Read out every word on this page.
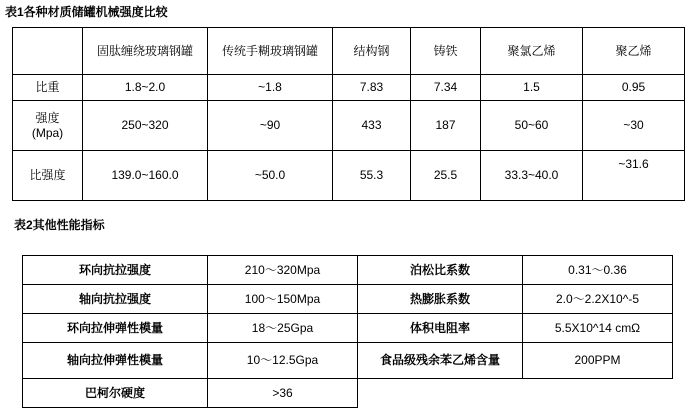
表1各种材质储罐机械强度比较
	固肽缠绕玻璃钢罐	传统手糊玻璃钢罐	结构钢	铸铁	聚氯乙烯	聚乙烯
比重	1.8~2.0	~1.8	7.83	7.34	1.5	0.95

强度
(Mpa)	250~320	~90	433	187	50~60	~30
比强度	139.0~160.0	~50.0	55.3	25.5	33.3~40.0	~31.6
表2其他性能指标
环向抗拉强度	210～320Mpa	泊松比系数	0.31～0.36
轴向抗拉强度	100～150Mpa	热膨胀系数	2.0～2.2X10^-5
环向拉伸弹性模量	18～25Gpa	体积电阻率	5.5X10^14 cmΩ
轴向拉伸弹性模量	10～12.5Gpa	食品级残余苯乙烯含量	200PPM
巴柯尔硬度	>36		
